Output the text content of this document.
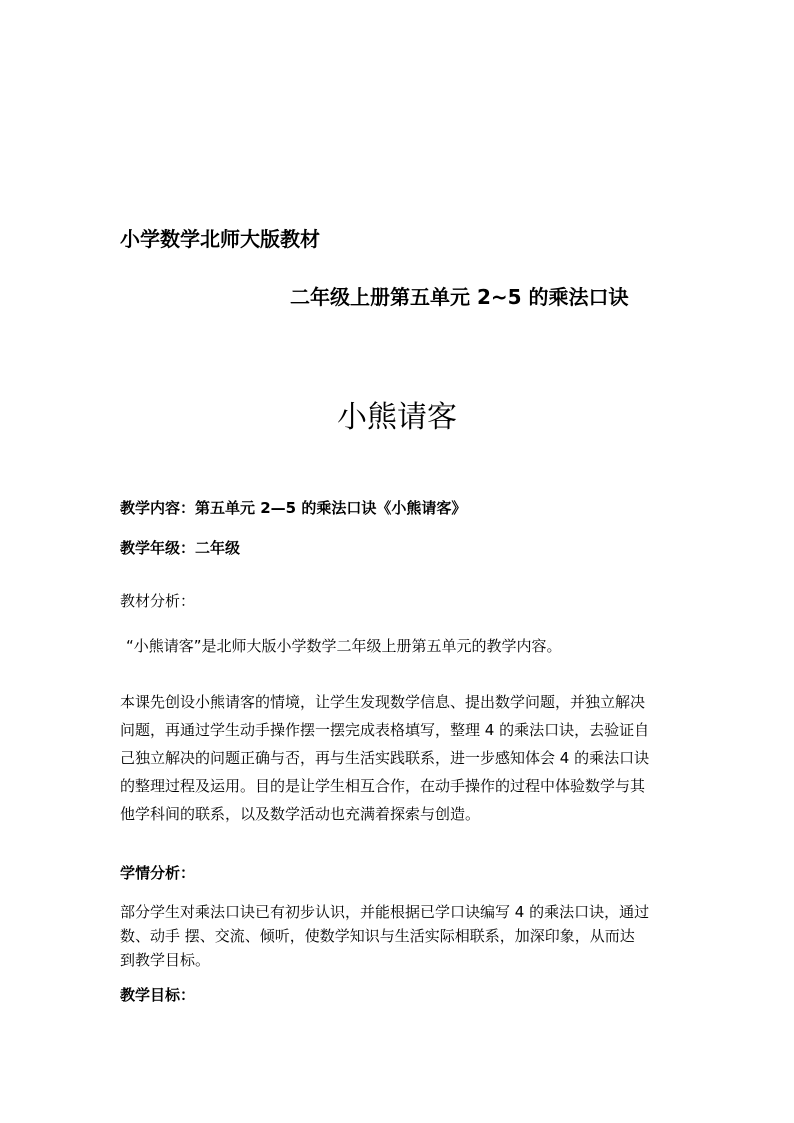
小学数学北师大版教材
二年级上册第五单元 2~5 的乘法口诀
小熊请客
教学内容：第五单元 2—5 的乘法口诀《小熊请客》
教学年级：二年级
教材分析：
“小熊请客”是北师大版小学数学二年级上册第五单元的教学内容。
本课先创设小熊请客的情境，让学生发现数学信息、提出数学问题，并独立解决
问题，再通过学生动手操作摆一摆完成表格填写，整理 4 的乘法口诀，去验证自
己独立解决的问题正确与否，再与生活实践联系，进一步感知体会 4 的乘法口诀
的整理过程及运用。目的是让学生相互合作，在动手操作的过程中体验数学与其
他学科间的联系，以及数学活动也充满着探索与创造。
学情分析：
部分学生对乘法口诀已有初步认识，并能根据已学口诀编写 4 的乘法口诀，通过
数、动手 摆、交流、倾听，使数学知识与生活实际相联系，加深印象，从而达
到教学目标。
教学目标：
